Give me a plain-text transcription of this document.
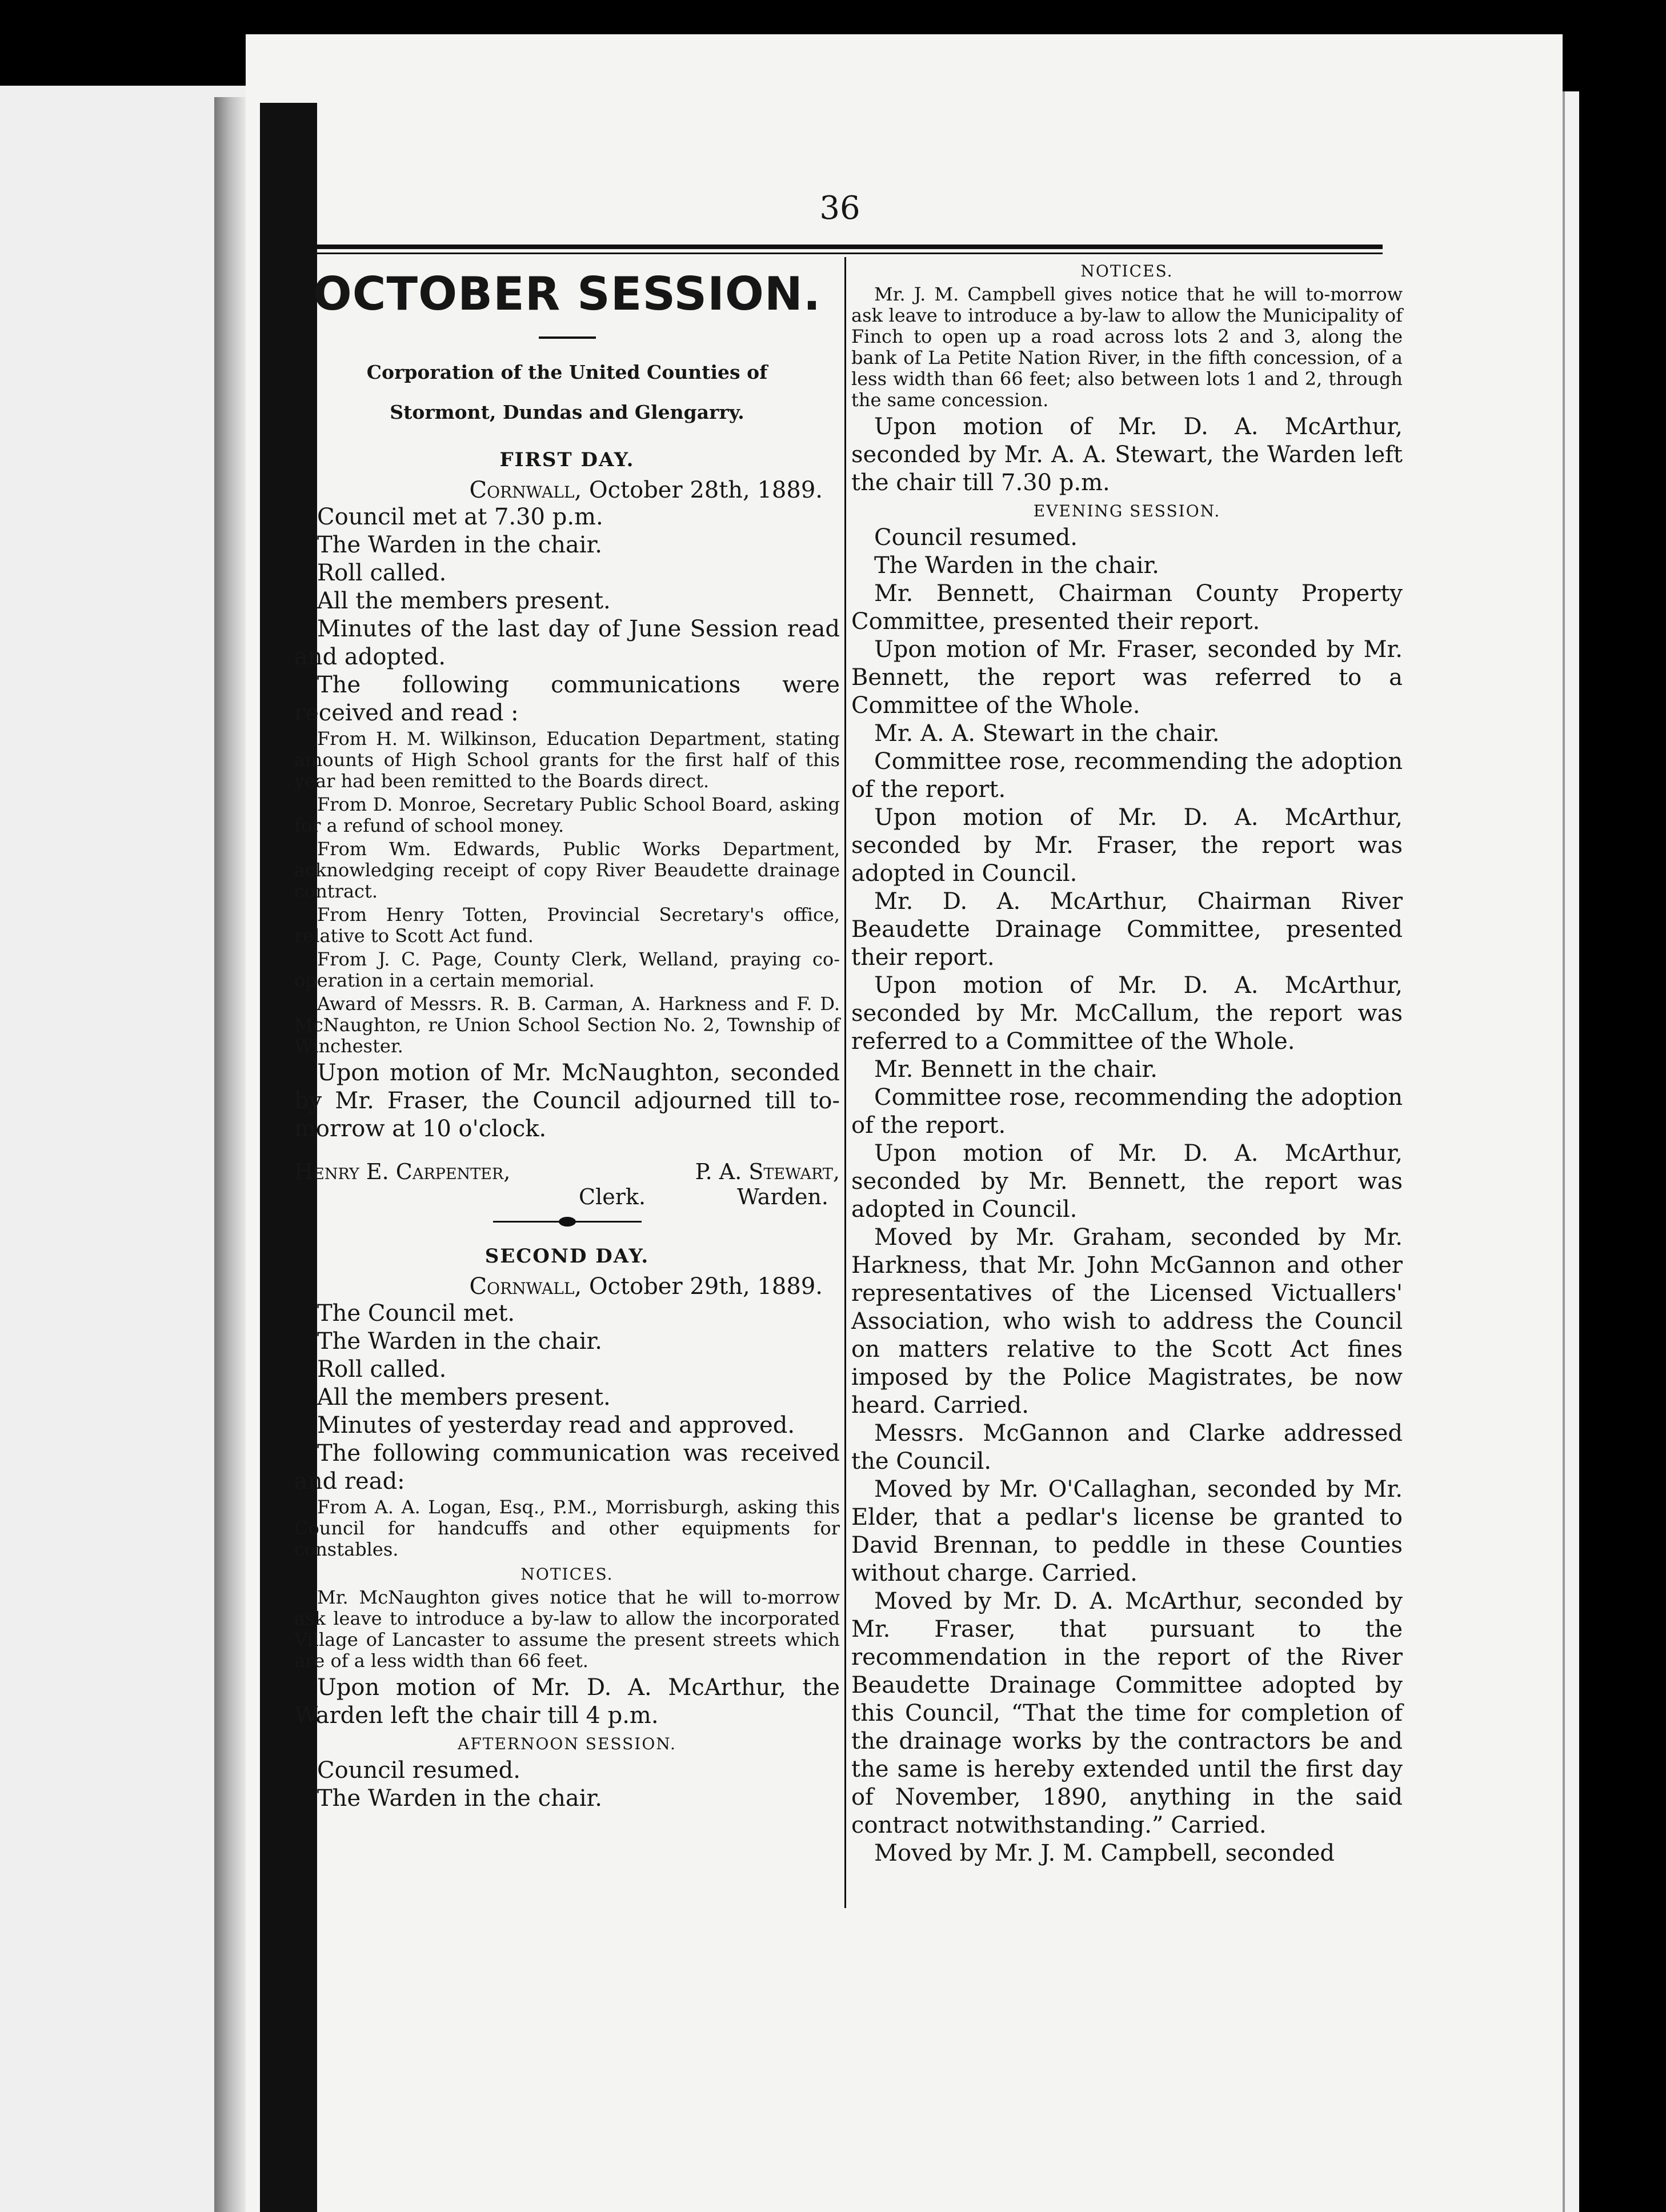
36

OCTOBER SESSION.

Corporation of the United Counties of

Stormont, Dundas and Glengarry.

FIRST DAY.

Cornwall, October 28th, 1889.

Council met at 7.30 p.m.

The Warden in the chair.

Roll called.

All the members present.

Minutes of the last day of June Session read and adopted.

The following communications were received and read :

From H. M. Wilkinson, Education Department, stating amounts of High School grants for the first half of this year had been remitted to the Boards direct.

From D. Monroe, Secretary Public School Board, asking for a refund of school money.

From Wm. Edwards, Public Works Department, acknowledging receipt of copy River Beaudette drainage contract.

From Henry Totten, Provincial Secretary's office, relative to Scott Act fund.

From J. C. Page, County Clerk, Welland, praying co-operation in a certain memorial.

Award of Messrs. R. B. Carman, A. Harkness and F. D. McNaughton, re Union School Section No. 2, Township of Winchester.

Upon motion of Mr. McNaughton, seconded by Mr. Fraser, the Council adjourned till to-morrow at 10 o'clock.

Henry E. Carpenter,	P. A. Stewart,
Clerk.	Warden.

SECOND DAY.

Cornwall, October 29th, 1889.

The Council met.

The Warden in the chair.

Roll called.

All the members present.

Minutes of yesterday read and approved.

The following communication was received and read:

From A. A. Logan, Esq., P.M., Morrisburgh, asking this Council for handcuffs and other equipments for constables.

NOTICES.

Mr. McNaughton gives notice that he will to-morrow ask leave to introduce a by-law to allow the incorporated Village of Lancaster to assume the present streets which are of a less width than 66 feet.

Upon motion of Mr. D. A. McArthur, the Warden left the chair till 4 p.m.

AFTERNOON SESSION.

Council resumed.

The Warden in the chair.

NOTICES.

Mr. J. M. Campbell gives notice that he will to-morrow ask leave to introduce a by-law to allow the Municipality of Finch to open up a road across lots 2 and 3, along the bank of La Petite Nation River, in the fifth concession, of a less width than 66 feet; also between lots 1 and 2, through the same concession.

Upon motion of Mr. D. A. McArthur, seconded by Mr. A. A. Stewart, the Warden left the chair till 7.30 p.m.

EVENING SESSION.

Council resumed.

The Warden in the chair.

Mr. Bennett, Chairman County Property Committee, presented their report.

Upon motion of Mr. Fraser, seconded by Mr. Bennett, the report was referred to a Committee of the Whole.

Mr. A. A. Stewart in the chair.

Committee rose, recommending the adoption of the report.

Upon motion of Mr. D. A. McArthur, seconded by Mr. Fraser, the report was adopted in Council.

Mr. D. A. McArthur, Chairman River Beaudette Drainage Committee, presented their report.

Upon motion of Mr. D. A. McArthur, seconded by Mr. McCallum, the report was referred to a Committee of the Whole.

Mr. Bennett in the chair.

Committee rose, recommending the adoption of the report.

Upon motion of Mr. D. A. McArthur, seconded by Mr. Bennett, the report was adopted in Council.

Moved by Mr. Graham, seconded by Mr. Harkness, that Mr. John McGannon and other representatives of the Licensed Victuallers' Association, who wish to address the Council on matters relative to the Scott Act fines imposed by the Police Magistrates, be now heard. Carried.

Messrs. McGannon and Clarke addressed the Council.

Moved by Mr. O'Callaghan, seconded by Mr. Elder, that a pedlar's license be granted to David Brennan, to peddle in these Counties without charge. Carried.

Moved by Mr. D. A. McArthur, seconded by Mr. Fraser, that pursuant to the recommendation in the report of the River Beaudette Drainage Committee adopted by this Council, “That the time for completion of the drainage works by the contractors be and the same is hereby extended until the first day of November, 1890, anything in the said contract notwithstanding.” Carried.

Moved by Mr. J. M. Campbell, seconded
